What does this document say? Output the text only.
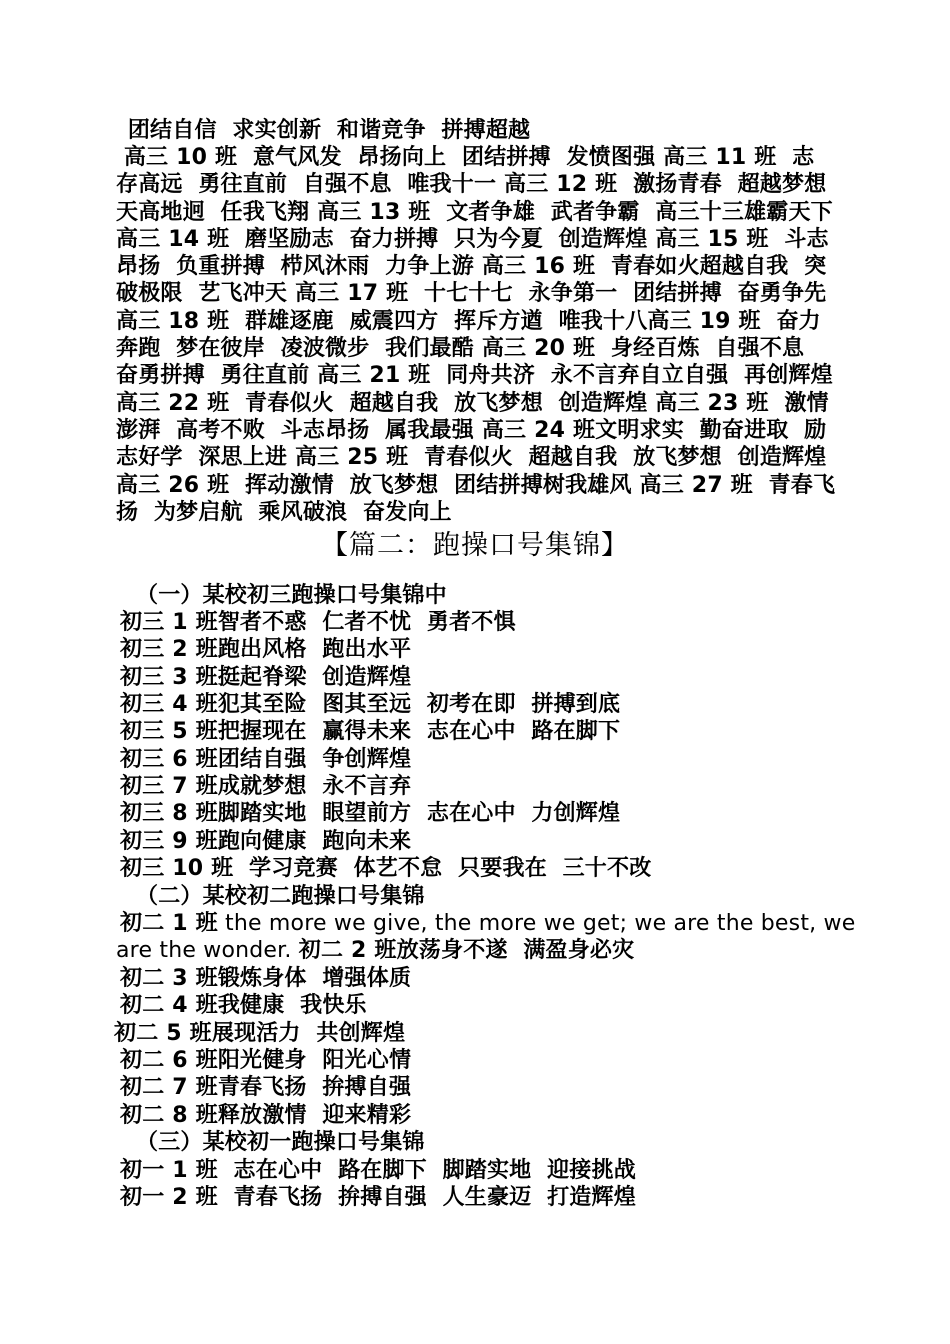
团结自信  求实创新  和谐竞争  拼搏超越
高三 10 班  意气风发  昂扬向上  团结拼搏  发愤图强 高三 11 班  志存高远  勇往直前  自强不息  唯我十一 高三 12 班  激扬青春  超越梦想  天高地迥  任我飞翔 高三 13 班  文者争雄  武者争霸  高三十三雄霸天下 高三 14 班  磨坚励志  奋力拼搏  只为今夏  创造辉煌 高三 15 班  斗志昂扬  负重拼搏  栉风沐雨  力争上游 高三 16 班  青春如火超越自我  突破极限  艺飞冲天 高三 17 班  十七十七  永争第一  团结拼搏  奋勇争先 高三 18 班  群雄逐鹿  威震四方  挥斥方遒  唯我十八高三 19 班  奋力奔跑  梦在彼岸  凌波微步  我们最酷 高三 20 班  身经百炼  自强不息  奋勇拼搏  勇往直前 高三 21 班  同舟共济  永不言弃自立自强  再创辉煌 高三 22 班  青春似火  超越自我  放飞梦想  创造辉煌 高三 23 班  激情澎湃  高考不败  斗志昂扬  属我最强 高三 24 班文明求实  勤奋进取  励志好学  深思上进 高三 25 班  青春似火  超越自我  放飞梦想  创造辉煌 高三 26 班  挥动激情  放飞梦想  团结拼搏树我雄风 高三 27 班  青春飞扬  为梦启航  乘风破浪  奋发向上
【篇二：跑操口号集锦】
（一）某校初三跑操口号集锦中
初三 1 班智者不惑  仁者不忧  勇者不惧
初三 2 班跑出风格  跑出水平
初三 3 班挺起脊梁  创造辉煌
初三 4 班犯其至险  图其至远  初考在即  拼搏到底
初三 5 班把握现在  赢得未来  志在心中  路在脚下
初三 6 班团结自强  争创辉煌
初三 7 班成就梦想  永不言弃
初三 8 班脚踏实地  眼望前方  志在心中  力创辉煌
初三 9 班跑向健康  跑向未来
初三 10 班  学习竞赛  体艺不怠  只要我在  三十不改
（二）某校初二跑操口号集锦
初二 1 班 the more we give, the more we get; we are the best, we
are the wonder. 初二 2 班放荡身不遂  满盈身必灾
初二 3 班锻炼身体  增强体质
初二 4 班我健康  我快乐
初二 5 班展现活力  共创辉煌
初二 6 班阳光健身  阳光心情
初二 7 班青春飞扬  拚搏自强
初二 8 班释放激情  迎来精彩
（三）某校初一跑操口号集锦
初一 1 班  志在心中  路在脚下  脚踏实地  迎接挑战
初一 2 班  青春飞扬  拚搏自强  人生豪迈  打造辉煌
